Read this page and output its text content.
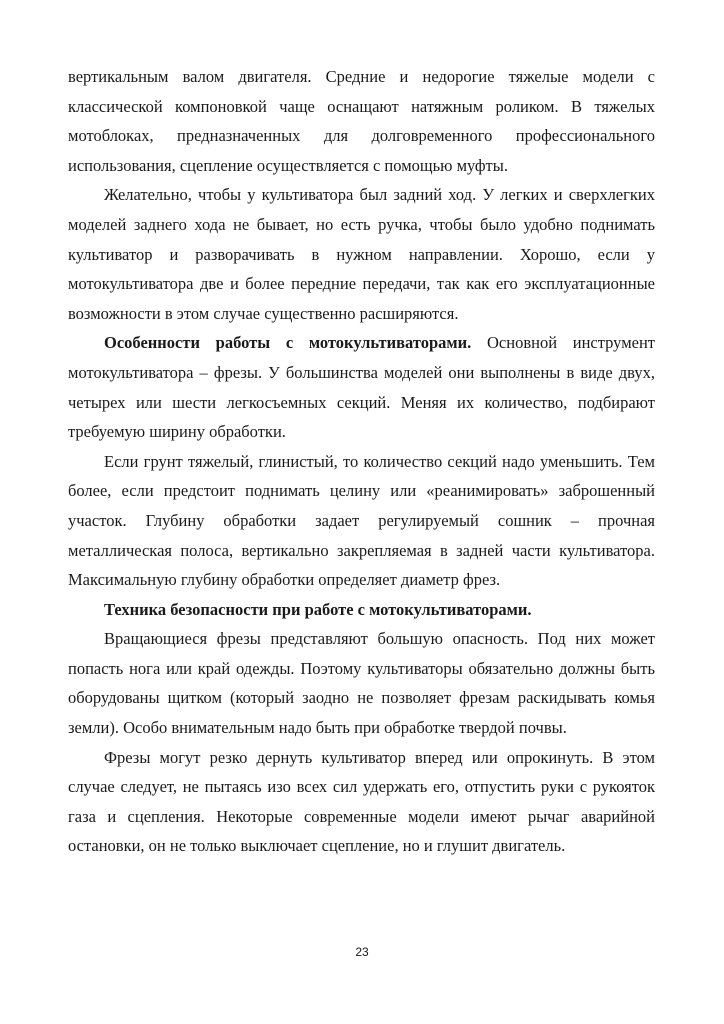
вертикальным валом двигателя. Средние и недорогие тяжелые модели с классической компоновкой чаще оснащают натяжным роликом. В тяжелых мотоблоках, предназначенных для долговременного профессионального использования, сцепление осуществляется с помощью муфты.

Желательно, чтобы у культиватора был задний ход. У легких и сверхлегких моделей заднего хода не бывает, но есть ручка, чтобы было удобно поднимать культиватор и разворачивать в нужном направлении. Хорошо, если у мотокультиватора две и более передние передачи, так как его эксплуатационные возможности в этом случае существенно расширяются.

Особенности работы с мотокультиваторами. Основной инструмент мотокультиватора – фрезы. У большинства моделей они выполнены в виде двух, четырех или шести легкосъемных секций. Меняя их количество, подбирают требуемую ширину обработки.

Если грунт тяжелый, глинистый, то количество секций надо уменьшить. Тем более, если предстоит поднимать целину или «реанимировать» заброшенный участок. Глубину обработки задает регулируемый сошник – прочная металлическая полоса, вертикально закрепляемая в задней части культиватора. Максимальную глубину обработки определяет диаметр фрез.

Техника безопасности при работе с мотокультиваторами.

Вращающиеся фрезы представляют большую опасность. Под них может попасть нога или край одежды. Поэтому культиваторы обязательно должны быть оборудованы щитком (который заодно не позволяет фрезам раскидывать комья земли). Особо внимательным надо быть при обработке твердой почвы.

Фрезы могут резко дернуть культиватор вперед или опрокинуть. В этом случае следует, не пытаясь изо всех сил удержать его, отпустить руки с рукояток газа и сцепления. Некоторые современные модели имеют рычаг аварийной остановки, он не только выключает сцепление, но и глушит двигатель.

23
